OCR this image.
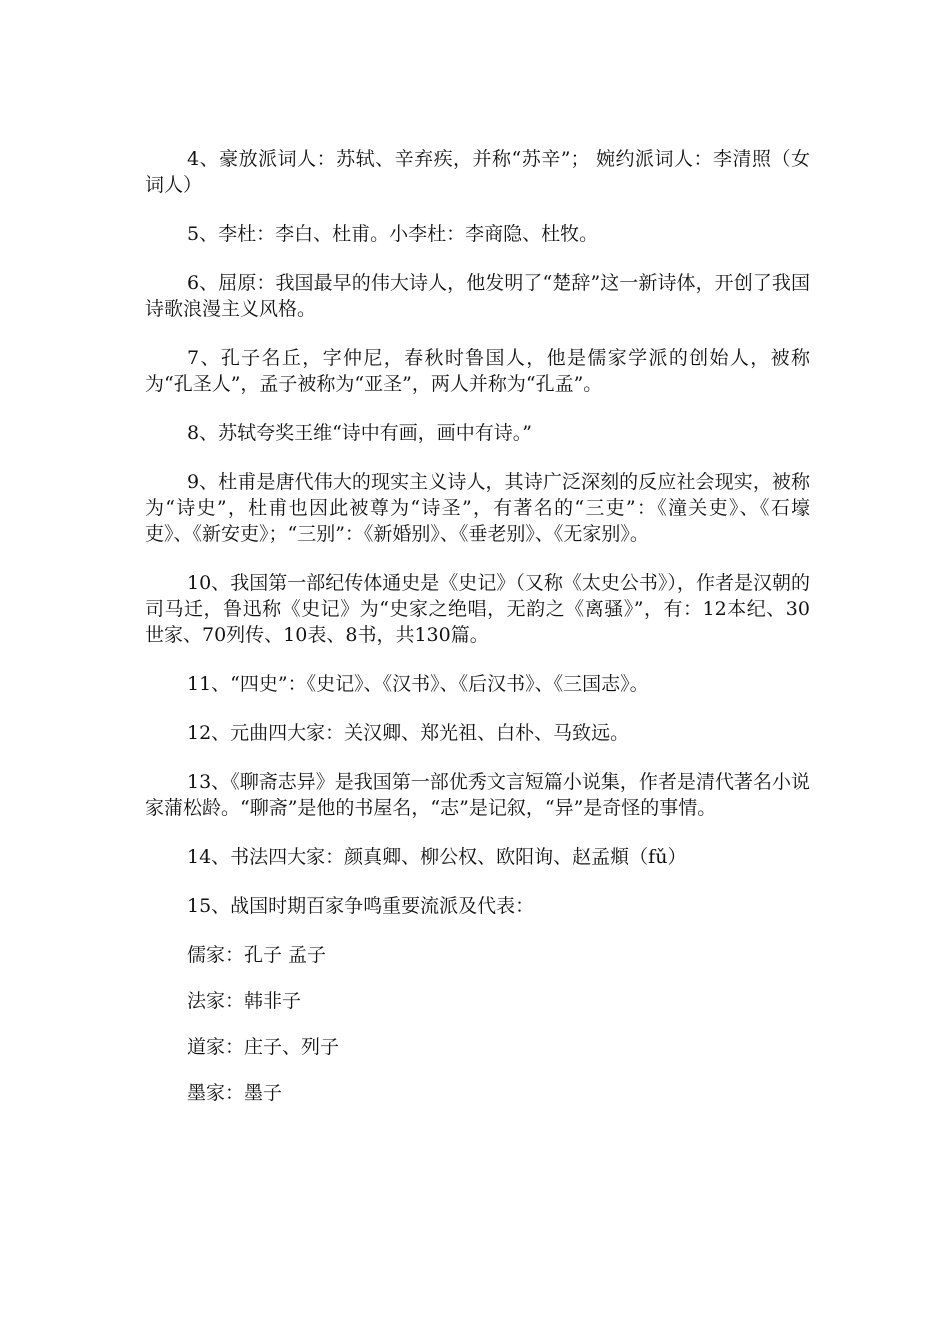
4、豪放派词人：苏轼、辛弃疾，并称“苏辛”； 婉约派词人：李清照（女词人）

5、李杜：李白、杜甫。小李杜：李商隐、杜牧。

6、屈原：我国最早的伟大诗人，他发明了“楚辞”这一新诗体，开创了我国诗歌浪漫主义风格。

7、孔子名丘，字仲尼，春秋时鲁国人，他是儒家学派的创始人，被称为“孔圣人”，孟子被称为“亚圣”，两人并称为“孔孟”。

8、苏轼夸奖王维“诗中有画，画中有诗。”

9、杜甫是唐代伟大的现实主义诗人，其诗广泛深刻的反应社会现实，被称为“诗史”，杜甫也因此被尊为“诗圣”，有著名的“三吏”：《潼关吏》、《石壕吏》、《新安吏》；“三别”：《新婚别》、《垂老别》、《无家别》。

10、我国第一部纪传体通史是《史记》（又称《太史公书》），作者是汉朝的司马迁，鲁迅称《史记》为“史家之绝唱，无韵之《离骚》”，有：12本纪、30世家、70列传、10表、8书，共130篇。

11、“四史”：《史记》、《汉书》、《后汉书》、《三国志》。

12、元曲四大家：关汉卿、郑光祖、白朴、马致远。

13、《聊斋志异》是我国第一部优秀文言短篇小说集，作者是清代著名小说家蒲松龄。“聊斋”是他的书屋名，“志”是记叙，“异”是奇怪的事情。

14、书法四大家：颜真卿、柳公权、欧阳询、赵孟頫（fǔ）

15、战国时期百家争鸣重要流派及代表：

儒家：孔子 孟子

法家：韩非子

道家：庄子、列子

墨家：墨子
